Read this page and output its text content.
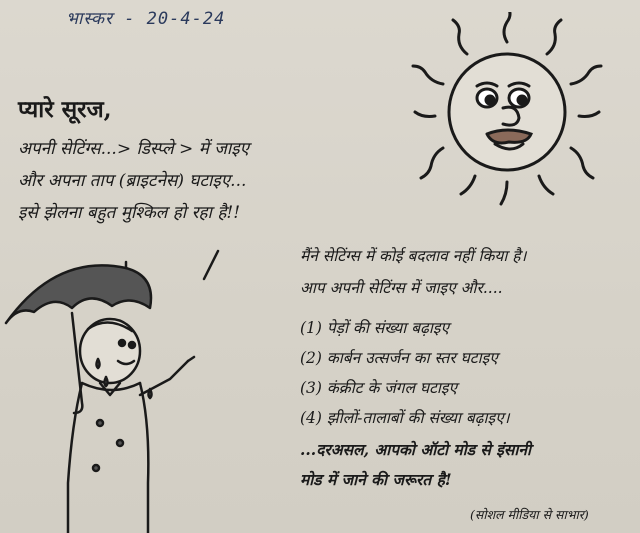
भास्कर - 20-4-24
प्यारे सूरज,
अपनी सेटिंग्स...> डिस्प्ले > में जाइए
और अपना ताप (ब्राइटनेस) घटाइए...
इसे झेलना बहुत मुश्किल हो रहा है!!
मैंने सेटिंग्स में कोई बदलाव नहीं किया है।
आप अपनी सेटिंग्स में जाइए और....
(1) पेड़ों की संख्या बढ़ाइए
(2) कार्बन उत्सर्जन का स्तर घटाइए
(3) कंक्रीट के जंगल घटाइए
(4) झीलों-तालाबों की संख्या बढ़ाइए।
...दरअसल, आपको ऑटो मोड से इंसानी
मोड में जाने की जरूरत है!
(सोशल मीडिया से साभार)
